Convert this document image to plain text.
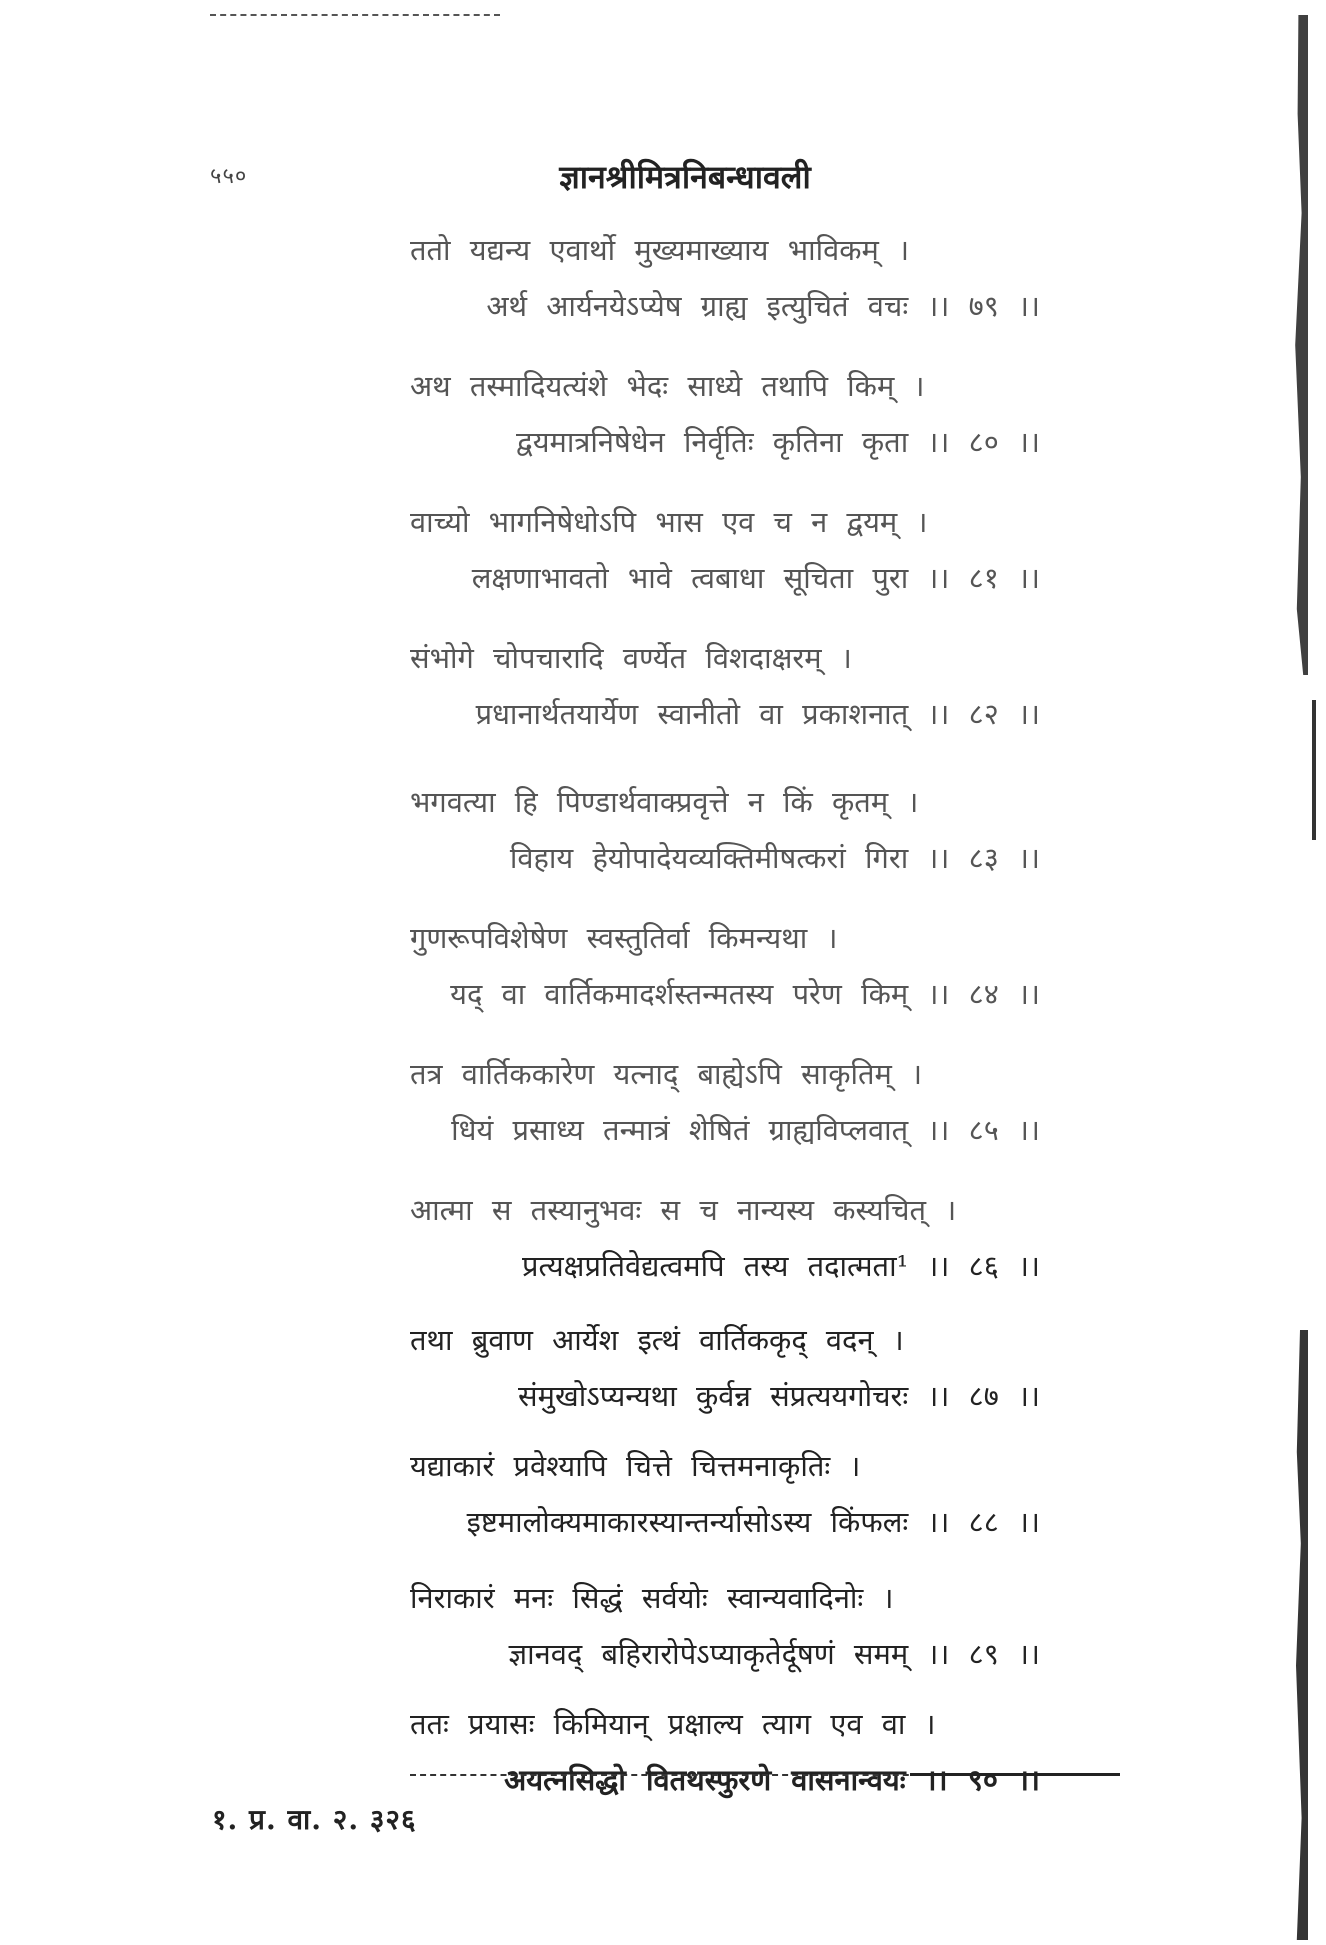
५५०	ज्ञानश्रीमित्रनिबन्धावली
ततो यद्यन्य एवार्थो मुख्यमाख्याय भाविकम् ।
अर्थ आर्यनयेऽप्येष ग्राह्य इत्युचितं वचः ।। ७९ ।।
अथ तस्मादियत्यंशे भेदः साध्ये तथापि किम् ।
द्वयमात्रनिषेधेन निर्वृतिः कृतिना कृता ।। ८० ।।
वाच्यो भागनिषेधोऽपि भास एव च न द्वयम् ।
लक्षणाभावतो भावे त्वबाधा सूचिता पुरा ।। ८१ ।।
संभोगे चोपचारादि वर्ण्येत विशदाक्षरम् ।
प्रधानार्थतयार्येण स्वानीतो वा प्रकाशनात् ।। ८२ ।।
भगवत्या हि पिण्डार्थवाक्प्रवृत्ते न किं कृतम् ।
विहाय हेयोपादेयव्यक्तिमीषत्करां गिरा ।। ८३ ।।
गुणरूपविशेषेण स्वस्तुतिर्वा किमन्यथा ।
यद् वा वार्तिकमादर्शस्तन्मतस्य परेण किम् ।। ८४ ।।
तत्र वार्तिककारेण यत्नाद् बाह्येऽपि साकृतिम् ।
धियं प्रसाध्य तन्मात्रं शेषितं ग्राह्यविप्लवात् ।। ८५ ।।
आत्मा स तस्यानुभवः स च नान्यस्य कस्यचित् ।
प्रत्यक्षप्रतिवेद्यत्वमपि तस्य तदात्मता¹ ।। ८६ ।।
तथा ब्रुवाण आर्येश इत्थं वार्तिककृद् वदन् ।
संमुखोऽप्यन्यथा कुर्वन्न संप्रत्ययगोचरः ।। ८७ ।।
यद्याकारं प्रवेश्यापि चित्ते चित्तमनाकृतिः ।
इष्टमालोक्यमाकारस्यान्तर्न्यासोऽस्य किंफलः ।। ८८ ।।
निराकारं मनः सिद्धं सर्वयोः स्वान्यवादिनोः ।
ज्ञानवद् बहिरारोपेऽप्याकृतेर्दूषणं समम् ।। ८९ ।।
ततः प्रयासः किमियान् प्रक्षाल्य त्याग एव वा ।
अयत्नसिद्धो वितथस्फुरणे वासनान्वयः ।। ९० ।।
१. प्र. वा. २. ३२६
